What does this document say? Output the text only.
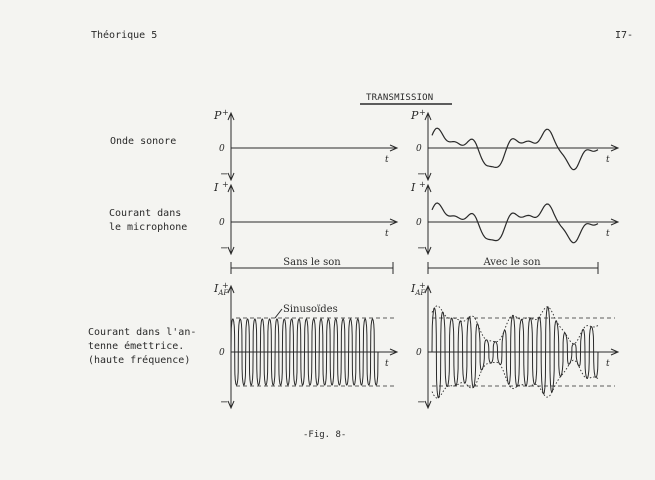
Théorique 5	I7-
TRANSMISSION
Onde sonore
Courant dans
le microphone
Courant dans l'an-
tenne émettrice.
(haute fréquence)
-Fig. 8-
P +
0
−
t
P +
0
−
t
I +
0
−
t
I +
0
−
t
$I_{AF}$
+
0
−
t
$I_{AF}$
+
0
−
t
Sans le son	Avec le son
Sinusoïdes
